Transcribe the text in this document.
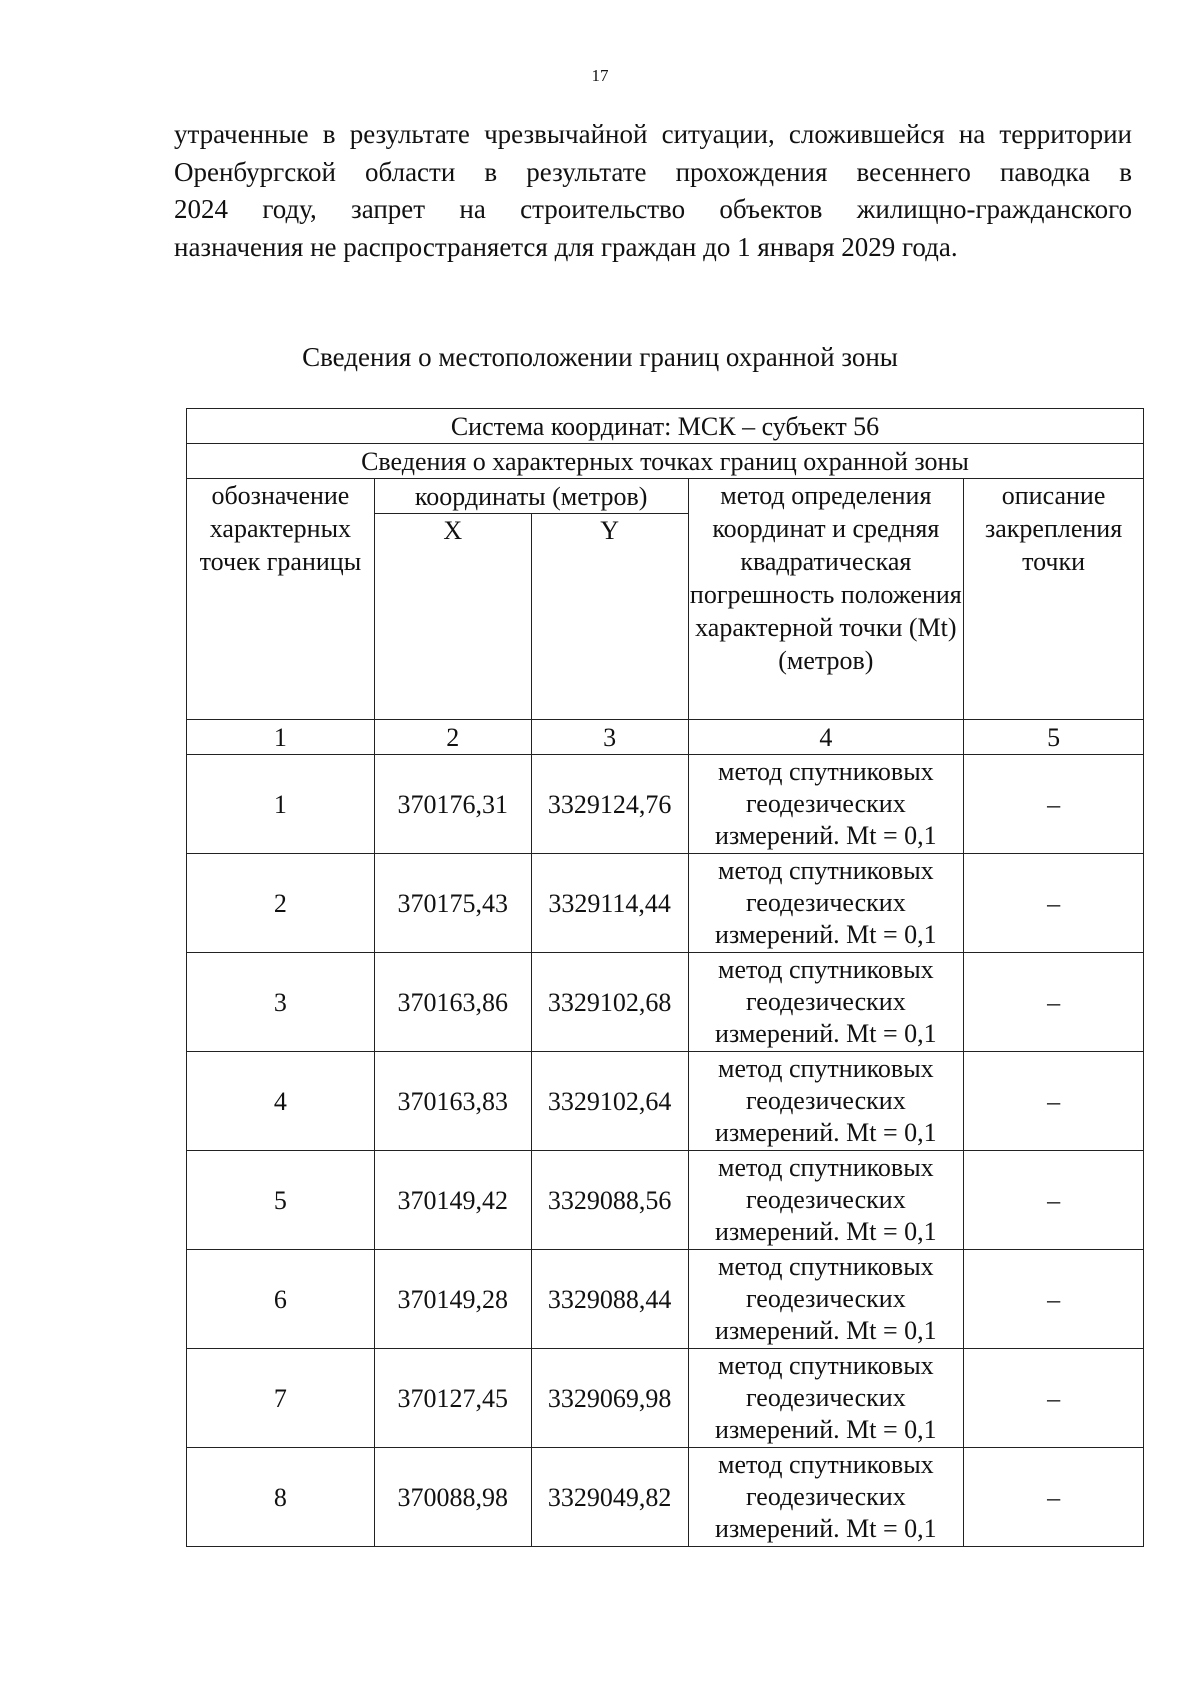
17
утраченные в результате чрезвычайной ситуации, сложившейся на территории
Оренбургской области в результате прохождения весеннего паводка в
2024 году, запрет на строительство объектов жилищно-гражданского
назначения не распространяется для граждан до 1 января 2029 года.
Сведения о местоположении границ охранной зоны
Система координат: МСК – субъект 56				
Сведения о характерных точках границ охранной зоны				
обозначение характерных точек границы	координаты (метров)		метод определения координат и средняя квадратическая погрешность положения характерной точки (Mt) (метров)	описание закрепления точки
	X	Y		
1	2	3	4	5
1	370176,31	3329124,76	метод спутниковых геодезических измерений. Mt = 0,1	–
2	370175,43	3329114,44	метод спутниковых геодезических измерений. Mt = 0,1	–
3	370163,86	3329102,68	метод спутниковых геодезических измерений. Mt = 0,1	–
4	370163,83	3329102,64	метод спутниковых геодезических измерений. Mt = 0,1	–
5	370149,42	3329088,56	метод спутниковых геодезических измерений. Mt = 0,1	–
6	370149,28	3329088,44	метод спутниковых геодезических измерений. Mt = 0,1	–
7	370127,45	3329069,98	метод спутниковых геодезических измерений. Mt = 0,1	–
8	370088,98	3329049,82	метод спутниковых геодезических измерений. Mt = 0,1	–
